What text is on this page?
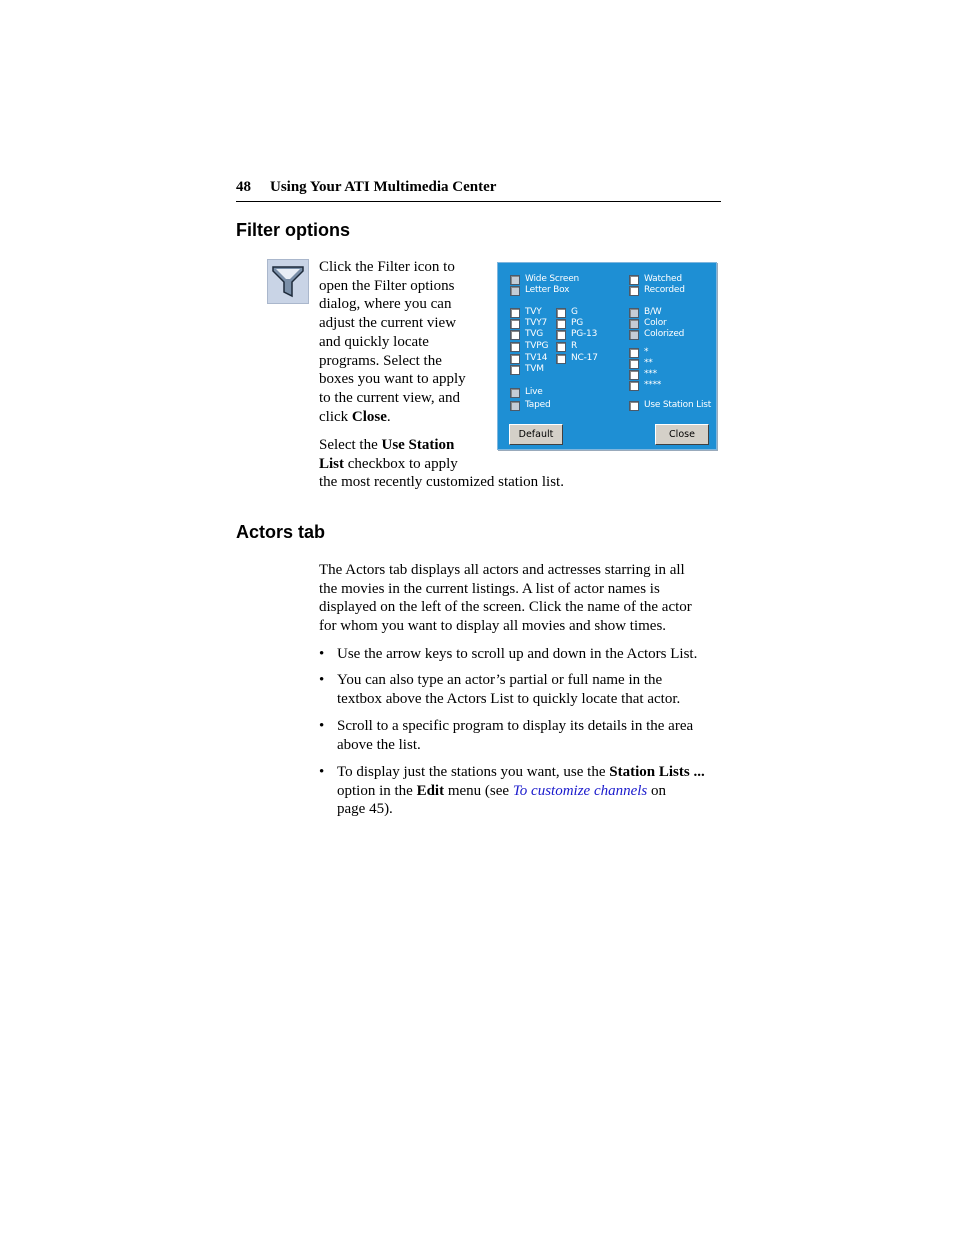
48 Using Your ATI Multimedia Center
Filter options
Click the Filter icon to
open the Filter options
dialog, where you can
adjust the current view
and quickly locate
programs. Select the
boxes you want to apply
to the current view, and
click Close.
Select the Use Station
List checkbox to apply
the most recently customized station list.
Wide Screen
Letter Box
TVY
TVY7
TVG
TVPG
TV14
TVM
G
PG
PG-13
R
NC-17
Live
Taped
Watched
Recorded
B/W
Color
Colorized
*
**
***
****
Use Station List
Default	Close
Actors tab
The Actors tab displays all actors and actresses starring in all
the movies in the current listings. A list of actor names is
displayed on the left of the screen. Click the name of the actor
for whom you want to display all movies and show times.
• Use the arrow keys to scroll up and down in the Actors List.
• You can also type an actor’s partial or full name in the
textbox above the Actors List to quickly locate that actor.
• Scroll to a specific program to display its details in the area
above the list.
• To display just the stations you want, use the Station Lists ...
option in the Edit menu (see To customize channels on
page 45).
